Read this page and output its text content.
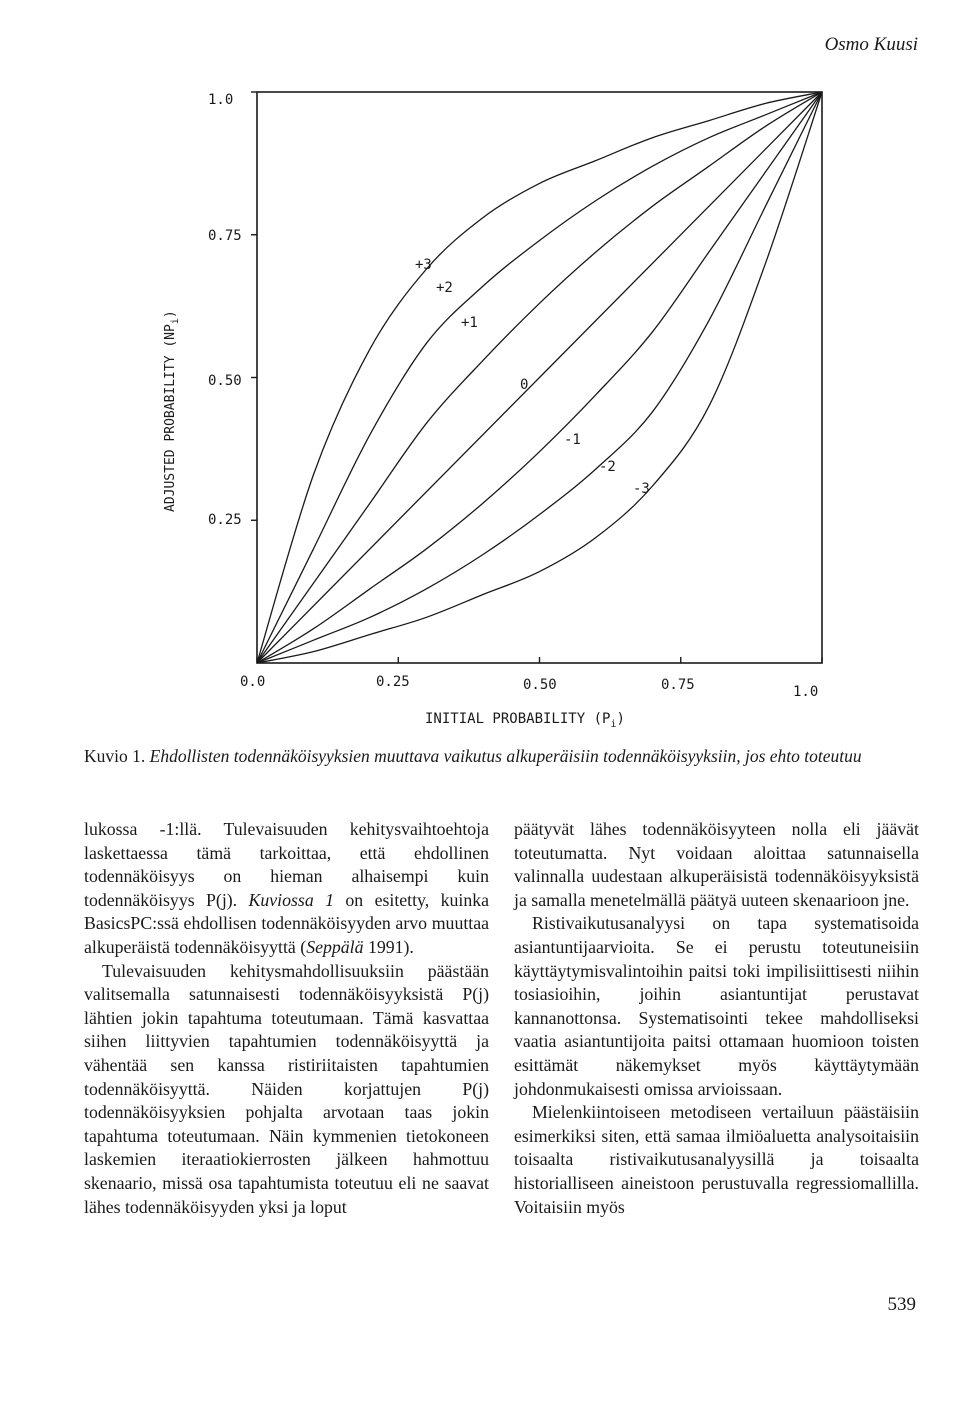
Osmo Kuusi
+3
+2
+1
0
-1
-2
-3
0.25
0.50
0.75
1.0
0.0	0.25	0.50	0.75	1.0
INITIAL PROBABILITY $(P_i)$
ADJUSTED PROBABILITY $(NP_i)$
Kuvio 1. Ehdollisten todennäköisyyksien muuttava vaikutus alkuperäisiin todennäköisyyksiin, jos ehto toteutuu

lukossa -1:llä. Tulevaisuuden kehitysvaihtoehtoja laskettaessa tämä tarkoittaa, että ehdollinen todennäköisyys on hieman alhaisempi kuin todennäköisyys P(j). Kuviossa 1 on esitetty, kuinka BasicsPC:ssä ehdollisen todennäköisyyden arvo muuttaa alkuperäistä todennäköisyyttä (Seppälä 1991).

Tulevaisuuden kehitysmahdollisuuksiin päästään valitsemalla satunnaisesti todennäköisyyksistä P(j) lähtien jokin tapahtuma toteutumaan. Tämä kasvattaa siihen liittyvien tapahtumien todennäköisyyttä ja vähentää sen kanssa ristiriitaisten tapahtumien todennäköisyyttä. Näiden korjattujen P(j) todennäköisyyksien pohjalta arvotaan taas jokin tapahtuma toteutumaan. Näin kymmenien tietokoneen laskemien iteraatiokierrosten jälkeen hahmottuu skenaario, missä osa tapahtumista toteutuu eli ne saavat lähes todennäköisyyden yksi ja loput

päätyvät lähes todennäköisyyteen nolla eli jäävät toteutumatta. Nyt voidaan aloittaa satunnaisella valinnalla uudestaan alkuperäisistä todennäköisyyksistä ja samalla menetelmällä päätyä uuteen skenaarioon jne.

Ristivaikutusanalyysi on tapa systematisoida asiantuntijaarvioita. Se ei perustu toteutuneisiin käyttäytymisvalintoihin paitsi toki impilisiittisesti niihin tosiasioihin, joihin asiantuntijat perustavat kannanottonsa. Systematisointi tekee mahdolliseksi vaatia asiantuntijoita paitsi ottamaan huomioon toisten esittämät näkemykset myös käyttäytymään johdonmukaisesti omissa arvioissaan.

Mielenkiintoiseen metodiseen vertailuun päästäisiin esimerkiksi siten, että samaa ilmiöaluetta analysoitaisiin toisaalta ristivaikutusanalyysillä ja toisaalta historialliseen aineistoon perustuvalla regressiomallilla. Voitaisiin myös

539
